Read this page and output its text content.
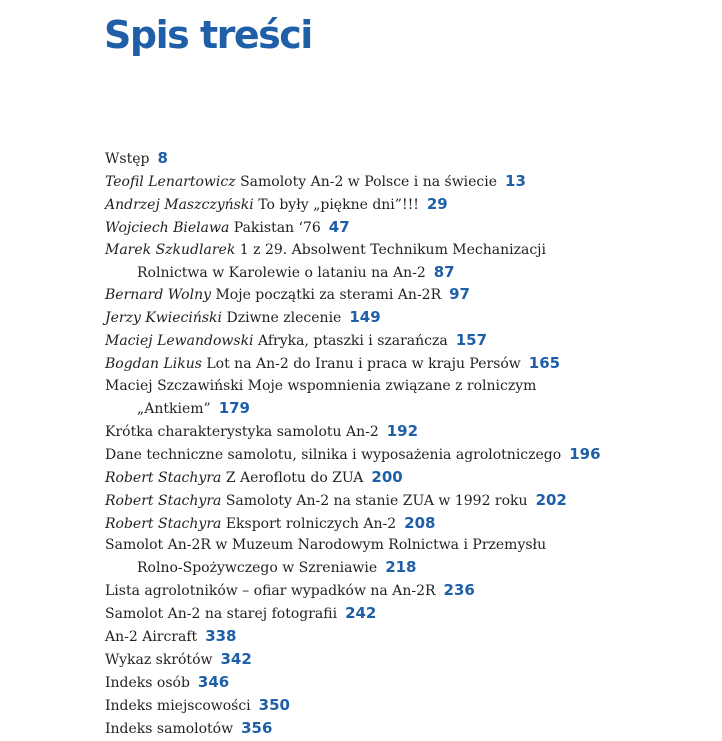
Spis treści
Wstęp 8
Teofil Lenartowicz Samoloty An-2 w Polsce i na świecie 13
Andrzej Maszczyński To były „piękne dni”!!! 29
Wojciech Bielawa Pakistan ‘76 47
Marek Szkudlarek 1 z 29. Absolwent Technikum Mechanizacji
Rolnictwa w Karolewie o lataniu na An-2 87
Bernard Wolny Moje początki za sterami An-2R 97
Jerzy Kwieciński Dziwne zlecenie 149
Maciej Lewandowski Afryka, ptaszki i szarańcza 157
Bogdan Likus Lot na An-2 do Iranu i praca w kraju Persów 165
Maciej Szczawiński Moje wspomnienia związane z rolniczym
„Antkiem” 179
Krótka charakterystyka samolotu An-2 192
Dane techniczne samolotu, silnika i wyposażenia agrolotniczego 196
Robert Stachyra Z Aeroflotu do ZUA 200
Robert Stachyra Samoloty An-2 na stanie ZUA w 1992 roku 202
Robert Stachyra Eksport rolniczych An-2 208
Samolot An-2R w Muzeum Narodowym Rolnictwa i Przemysłu
Rolno-Spożywczego w Szreniawie 218
Lista agrolotników – ofiar wypadków na An-2R 236
Samolot An-2 na starej fotografii 242
An-2 Aircraft 338
Wykaz skrótów 342
Indeks osób 346
Indeks miejscowości 350
Indeks samolotów 356
